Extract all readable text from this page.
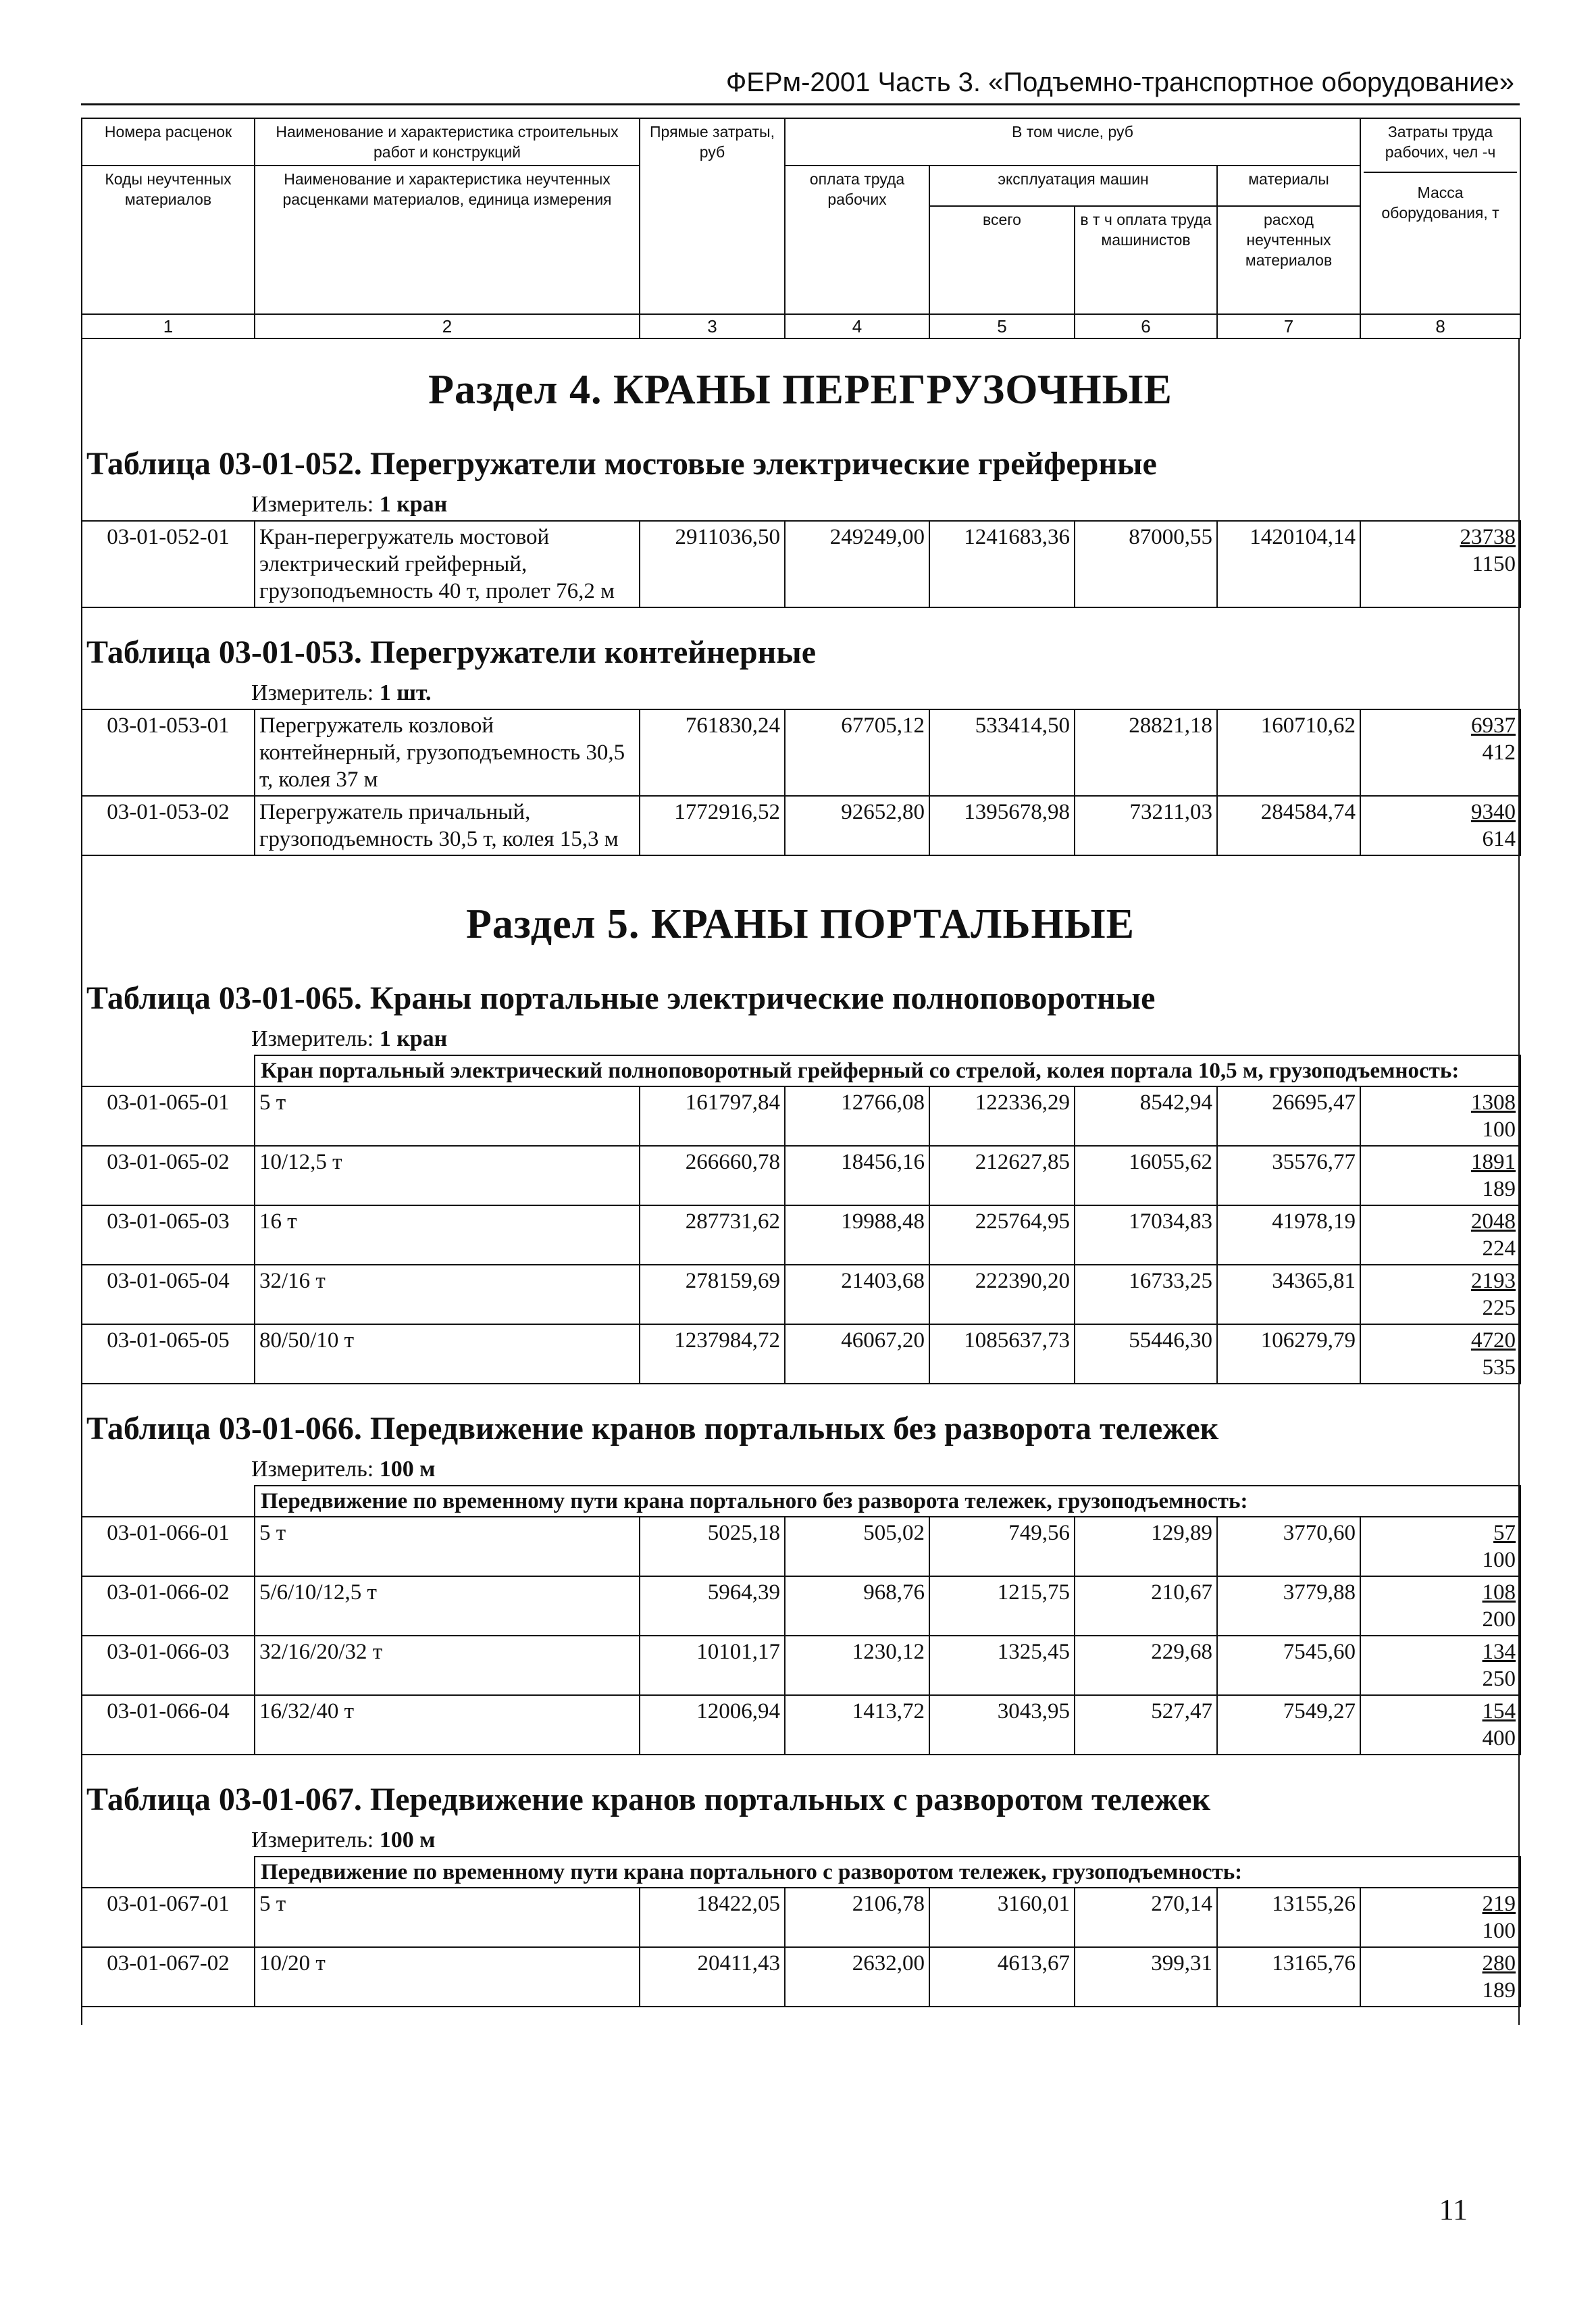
ФЕРм-2001 Часть 3. «Подъемно-транспортное оборудование»
Номера расценок	Наименование и характеристика строительных работ и конструкций	Прямые затраты, руб	В том числе, руб				Затраты труда рабочих, чел -ч
Масса оборудования, т

Коды неучтенных материалов	Наименование и характеристика неучтенных расценками материалов, единица измерения		оплата труда рабочих	эксплуатация машин		материалы	
				всего	в т ч оплата труда машинистов	расход неучтенных материалов	
1	2	3	4	5	6	7	8
Раздел 4. КРАНЫ ПЕРЕГРУЗОЧНЫЕ
Таблица 03-01-052. Перегружатели мостовые электрические грейферные
Измеритель: 1 кран
03-01-052-01	Кран-перегружатель мостовой электрический грейферный, грузоподъемность 40 т, пролет 76,2 м	2911036,50	249249,00	1241683,36	87000,55	1420104,14	23738
1150
Таблица 03-01-053. Перегружатели контейнерные
Измеритель: 1 шт.
03-01-053-01	Перегружатель козловой контейнерный, грузоподъемность 30,5 т, колея 37 м	761830,24	67705,12	533414,50	28821,18	160710,62	6937
412
03-01-053-02	Перегружатель причальный, грузоподъемность 30,5 т, колея 15,3 м	1772916,52	92652,80	1395678,98	73211,03	284584,74	9340
614
Раздел 5. КРАНЫ ПОРТАЛЬНЫЕ
Таблица 03-01-065. Краны портальные электрические полноповоротные
Измеритель: 1 кран
	Кран портальный электрический полноповоротный грейферный со стрелой, колея портала 10,5 м, грузоподъемность:						
03-01-065-01	5 т	161797,84	12766,08	122336,29	8542,94	26695,47	1308
100
03-01-065-02	10/12,5 т	266660,78	18456,16	212627,85	16055,62	35576,77	1891
189
03-01-065-03	16 т	287731,62	19988,48	225764,95	17034,83	41978,19	2048
224
03-01-065-04	32/16 т	278159,69	21403,68	222390,20	16733,25	34365,81	2193
225
03-01-065-05	80/50/10 т	1237984,72	46067,20	1085637,73	55446,30	106279,79	4720
535
Таблица 03-01-066. Передвижение кранов портальных без разворота тележек
Измеритель: 100 м
	Передвижение по временному пути крана портального без разворота тележек, грузоподъемность:						
03-01-066-01	5 т	5025,18	505,02	749,56	129,89	3770,60	57
100
03-01-066-02	5/6/10/12,5 т	5964,39	968,76	1215,75	210,67	3779,88	108
200
03-01-066-03	32/16/20/32 т	10101,17	1230,12	1325,45	229,68	7545,60	134
250
03-01-066-04	16/32/40 т	12006,94	1413,72	3043,95	527,47	7549,27	154
400
Таблица 03-01-067. Передвижение кранов портальных с разворотом тележек
Измеритель: 100 м
	Передвижение по временному пути крана портального с разворотом тележек, грузоподъемность:						
03-01-067-01	5 т	18422,05	2106,78	3160,01	270,14	13155,26	219
100
03-01-067-02	10/20 т	20411,43	2632,00	4613,67	399,31	13165,76	280
189
11
